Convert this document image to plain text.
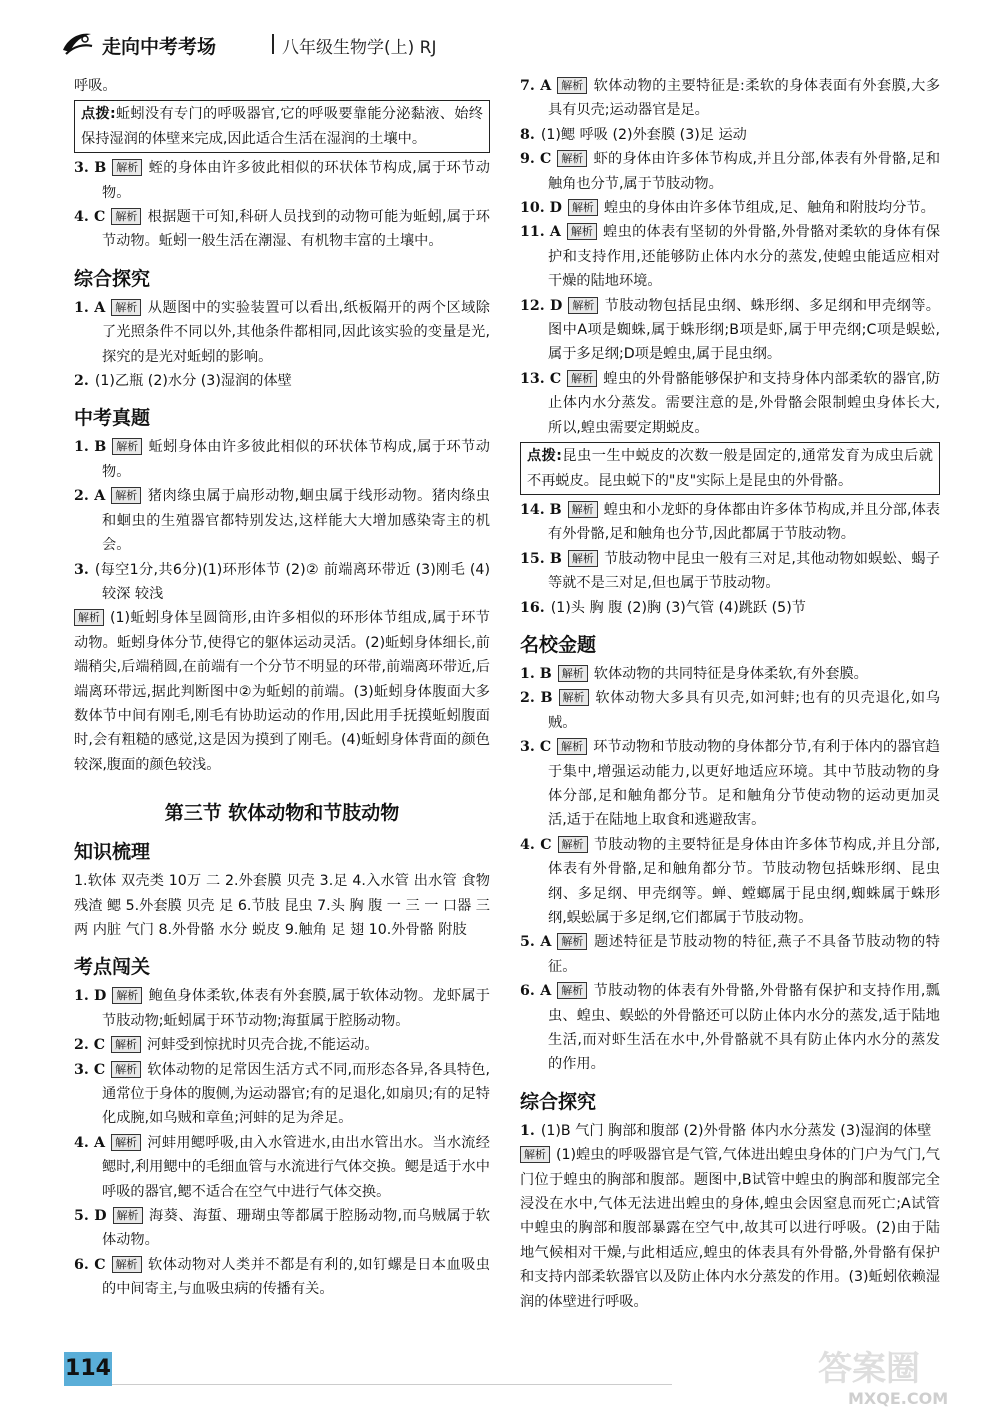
走向中考考场	八年级生物学(上) RJ

呼吸。

点拨:蚯蚓没有专门的呼吸器官,它的呼吸要靠能分泌黏液、始终保持湿润的体壁来完成,因此适合生活在湿润的土壤中。

3. B 解析 蛭的身体由许多彼此相似的环状体节构成,属于环节动物。

4. C 解析 根据题干可知,科研人员找到的动物可能为蚯蚓,属于环节动物。蚯蚓一般生活在潮湿、有机物丰富的土壤中。

综合探究

1. A 解析 从题图中的实验装置可以看出,纸板隔开的两个区域除了光照条件不同以外,其他条件都相同,因此该实验的变量是光,探究的是光对蚯蚓的影响。

2. (1)乙瓶 (2)水分 (3)湿润的体壁

中考真题

1. B 解析 蚯蚓身体由许多彼此相似的环状体节构成,属于环节动物。

2. A 解析 猪肉绦虫属于扁形动物,蛔虫属于线形动物。猪肉绦虫和蛔虫的生殖器官都特别发达,这样能大大增加感染寄主的机会。

3. (每空1分,共6分)(1)环形体节 (2)② 前端离环带近 (3)刚毛 (4)较深 较浅

解析 (1)蚯蚓身体呈圆筒形,由许多相似的环形体节组成,属于环节动物。蚯蚓身体分节,使得它的躯体运动灵活。(2)蚯蚓身体细长,前端稍尖,后端稍圆,在前端有一个分节不明显的环带,前端离环带近,后端离环带远,据此判断图中②为蚯蚓的前端。(3)蚯蚓身体腹面大多数体节中间有刚毛,刚毛有协助运动的作用,因此用手抚摸蚯蚓腹面时,会有粗糙的感觉,这是因为摸到了刚毛。(4)蚯蚓身体背面的颜色较深,腹面的颜色较浅。

第三节 软体动物和节肢动物
知识梳理

1.软体 双壳类 10万 二 2.外套膜 贝壳 3.足 4.入水管 出水管 食物 残渣 鳃 5.外套膜 贝壳 足 6.节肢 昆虫 7.头 胸 腹 一 三 一 口器 三 两 内脏 气门 8.外骨骼 水分 蜕皮 9.触角 足 翅 10.外骨骼 附肢

考点闯关

1. D 解析 鲍鱼身体柔软,体表有外套膜,属于软体动物。龙虾属于节肢动物;蚯蚓属于环节动物;海蜇属于腔肠动物。

2. C 解析 河蚌受到惊扰时贝壳合拢,不能运动。

3. C 解析 软体动物的足常因生活方式不同,而形态各异,各具特色,通常位于身体的腹侧,为运动器官;有的足退化,如扇贝;有的足特化成腕,如乌贼和章鱼;河蚌的足为斧足。

4. A 解析 河蚌用鳃呼吸,由入水管进水,由出水管出水。当水流经鳃时,利用鳃中的毛细血管与水流进行气体交换。鳃是适于水中呼吸的器官,鳃不适合在空气中进行气体交换。

5. D 解析 海葵、海蜇、珊瑚虫等都属于腔肠动物,而乌贼属于软体动物。

6. C 解析 软体动物对人类并不都是有利的,如钉螺是日本血吸虫的中间寄主,与血吸虫病的传播有关。

7. A 解析 软体动物的主要特征是:柔软的身体表面有外套膜,大多具有贝壳;运动器官是足。

8. (1)鳃 呼吸 (2)外套膜 (3)足 运动

9. C 解析 虾的身体由许多体节构成,并且分部,体表有外骨骼,足和触角也分节,属于节肢动物。

10. D 解析 蝗虫的身体由许多体节组成,足、触角和附肢均分节。

11. A 解析 蝗虫的体表有坚韧的外骨骼,外骨骼对柔软的身体有保护和支持作用,还能够防止体内水分的蒸发,使蝗虫能适应相对干燥的陆地环境。

12. D 解析 节肢动物包括昆虫纲、蛛形纲、多足纲和甲壳纲等。图中A项是蜘蛛,属于蛛形纲;B项是虾,属于甲壳纲;C项是蜈蚣,属于多足纲;D项是蝗虫,属于昆虫纲。

13. C 解析 蝗虫的外骨骼能够保护和支持身体内部柔软的器官,防止体内水分蒸发。需要注意的是,外骨骼会限制蝗虫身体长大,所以,蝗虫需要定期蜕皮。

点拨:昆虫一生中蜕皮的次数一般是固定的,通常发育为成虫后就不再蜕皮。昆虫蜕下的"皮"实际上是昆虫的外骨骼。

14. B 解析 蝗虫和小龙虾的身体都由许多体节构成,并且分部,体表有外骨骼,足和触角也分节,因此都属于节肢动物。

15. B 解析 节肢动物中昆虫一般有三对足,其他动物如蜈蚣、蝎子等就不是三对足,但也属于节肢动物。

16. (1)头 胸 腹 (2)胸 (3)气管 (4)跳跃 (5)节

名校金题

1. B 解析 软体动物的共同特征是身体柔软,有外套膜。

2. B 解析 软体动物大多具有贝壳,如河蚌;也有的贝壳退化,如乌贼。

3. C 解析 环节动物和节肢动物的身体都分节,有利于体内的器官趋于集中,增强运动能力,以更好地适应环境。其中节肢动物的身体分部,足和触角都分节。足和触角分节使动物的运动更加灵活,适于在陆地上取食和逃避敌害。

4. C 解析 节肢动物的主要特征是身体由许多体节构成,并且分部,体表有外骨骼,足和触角都分节。节肢动物包括蛛形纲、昆虫纲、多足纲、甲壳纲等。蝉、螳螂属于昆虫纲,蜘蛛属于蛛形纲,蜈蚣属于多足纲,它们都属于节肢动物。

5. A 解析 题述特征是节肢动物的特征,燕子不具备节肢动物的特征。

6. A 解析 节肢动物的体表有外骨骼,外骨骼有保护和支持作用,瓢虫、蝗虫、蜈蚣的外骨骼还可以防止体内水分的蒸发,适于陆地生活,而对虾生活在水中,外骨骼就不具有防止体内水分的蒸发的作用。

综合探究

1. (1)B 气门 胸部和腹部 (2)外骨骼 体内水分蒸发 (3)湿润的体壁

解析 (1)蝗虫的呼吸器官是气管,气体进出蝗虫身体的门户为气门,气门位于蝗虫的胸部和腹部。题图中,B试管中蝗虫的胸部和腹部完全浸没在水中,气体无法进出蝗虫的身体,蝗虫会因窒息而死亡;A试管中蝗虫的胸部和腹部暴露在空气中,故其可以进行呼吸。(2)由于陆地气候相对干燥,与此相适应,蝗虫的体表具有外骨骼,外骨骼有保护和支持内部柔软器官以及防止体内水分蒸发的作用。(3)蚯蚓依赖湿润的体壁进行呼吸。

114	答案圈
MXQE.COM
